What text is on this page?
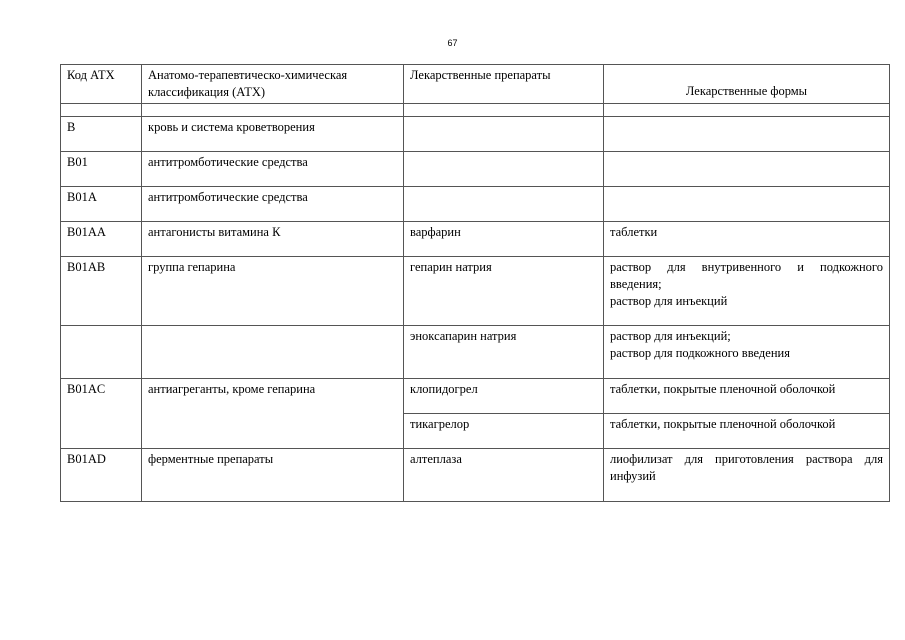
67
Код АТХ	Анатомо-терапевтическо-химическая классификация (АТХ)	Лекарственные препараты	Лекарственные формы

B	кровь и система кроветворения		

B01	антитромботические средства		

B01A	антитромботические средства		

B01AA	антагонисты витамина К	варфарин	таблетки

B01AB	группа гепарина	гепарин натрия	раствор для внутривенного и подкожного введения;
раствор для инъекций

		эноксапарин натрия	раствор для инъекций;
раствор для подкожного введения

B01AC	антиагреганты, кроме гепарина	клопидогрел	таблетки, покрытые пленочной оболочкой

		тикагрелор	таблетки, покрытые пленочной оболочкой

B01AD	ферментные препараты	алтеплаза	лиофилизат для приготовления раствора для инфузий
